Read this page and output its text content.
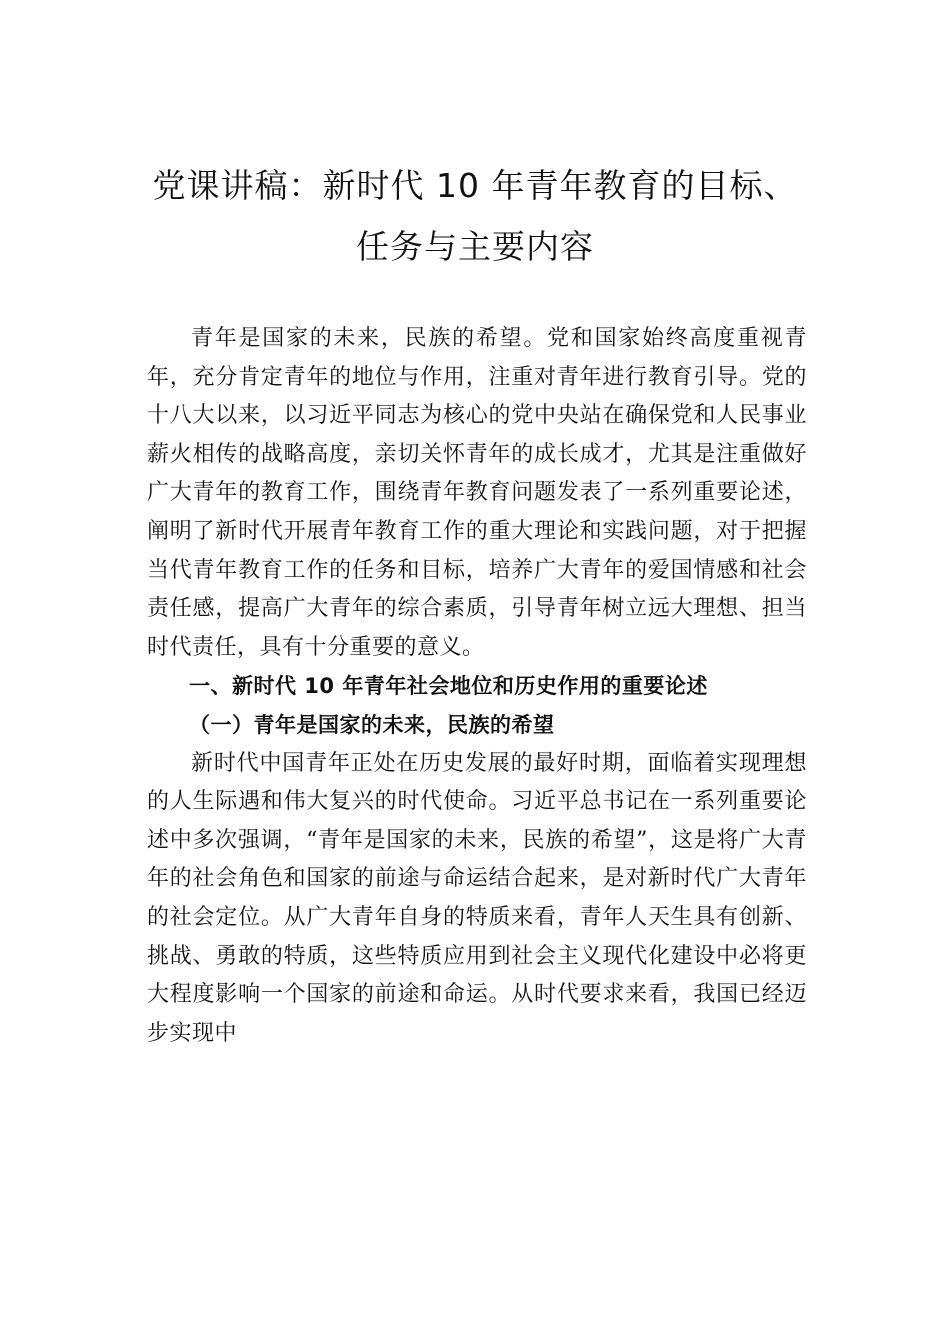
党课讲稿：新时代 10 年青年教育的目标、
任务与主要内容

青年是国家的未来，民族的希望。党和国家始终高度重视青年，充分肯定青年的地位与作用，注重对青年进行教育引导。党的十八大以来，以习近平同志为核心的党中央站在确保党和人民事业薪火相传的战略高度，亲切关怀青年的成长成才，尤其是注重做好广大青年的教育工作，围绕青年教育问题发表了一系列重要论述，阐明了新时代开展青年教育工作的重大理论和实践问题，对于把握当代青年教育工作的任务和目标，培养广大青年的爱国情感和社会责任感，提高广大青年的综合素质，引导青年树立远大理想、担当时代责任，具有十分重要的意义。

一、新时代 10 年青年社会地位和历史作用的重要论述
（一）青年是国家的未来，民族的希望

新时代中国青年正处在历史发展的最好时期，面临着实现理想的人生际遇和伟大复兴的时代使命。习近平总书记在一系列重要论述中多次强调，“青年是国家的未来，民族的希望”，这是将广大青年的社会角色和国家的前途与命运结合起来，是对新时代广大青年的社会定位。从广大青年自身的特质来看，青年人天生具有创新、挑战、勇敢的特质，这些特质应用到社会主义现代化建设中必将更大程度影响一个国家的前途和命运。从时代要求来看，我国已经迈步实现中
